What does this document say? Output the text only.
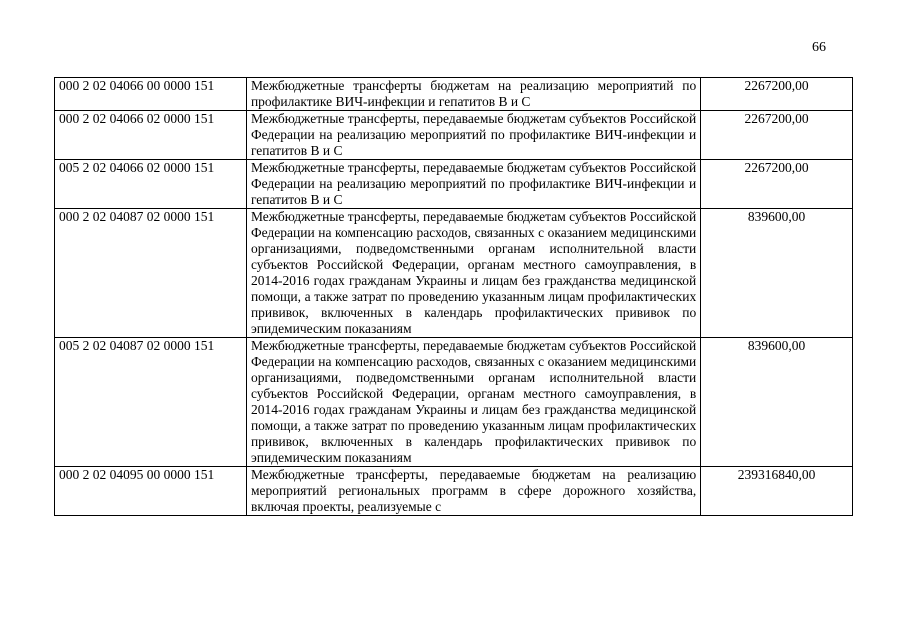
66
000 2 02 04066 00 0000 151	Межбюджетные трансферты бюджетам на реализацию мероприятий по профилактике ВИЧ-инфекции и гепатитов В и С	2267200,00
000 2 02 04066 02 0000 151	Межбюджетные трансферты, передаваемые бюджетам субъектов Российской Федерации на реализацию мероприятий по профилактике ВИЧ-инфекции и гепатитов В и С	2267200,00
005 2 02 04066 02 0000 151	Межбюджетные трансферты, передаваемые бюджетам субъектов Российской Федерации на реализацию мероприятий по профилактике ВИЧ-инфекции и гепатитов В и С	2267200,00
000 2 02 04087 02 0000 151	Межбюджетные трансферты, передаваемые бюджетам субъектов Российской Федерации на компенсацию расходов, связанных с оказанием медицинскими организациями, подведомственными органам исполнительной власти субъектов Российской Федерации, органам местного самоуправления, в 2014-2016 годах гражданам Украины и лицам без гражданства медицинской помощи, а также затрат по проведению указанным лицам профилактических прививок, включенных в календарь профилактических прививок по эпидемическим показаниям	839600,00
005 2 02 04087 02 0000 151	Межбюджетные трансферты, передаваемые бюджетам субъектов Российской Федерации на компенсацию расходов, связанных с оказанием медицинскими организациями, подведомственными органам исполнительной власти субъектов Российской Федерации, органам местного самоуправления, в 2014-2016 годах гражданам Украины и лицам без гражданства медицинской помощи, а также затрат по проведению указанным лицам профилактических прививок, включенных в календарь профилактических прививок по эпидемическим показаниям	839600,00
000 2 02 04095 00 0000 151	Межбюджетные трансферты, передаваемые бюджетам на реализацию мероприятий региональных программ в сфере дорожного хозяйства, включая проекты, реализуемые с	239316840,00
